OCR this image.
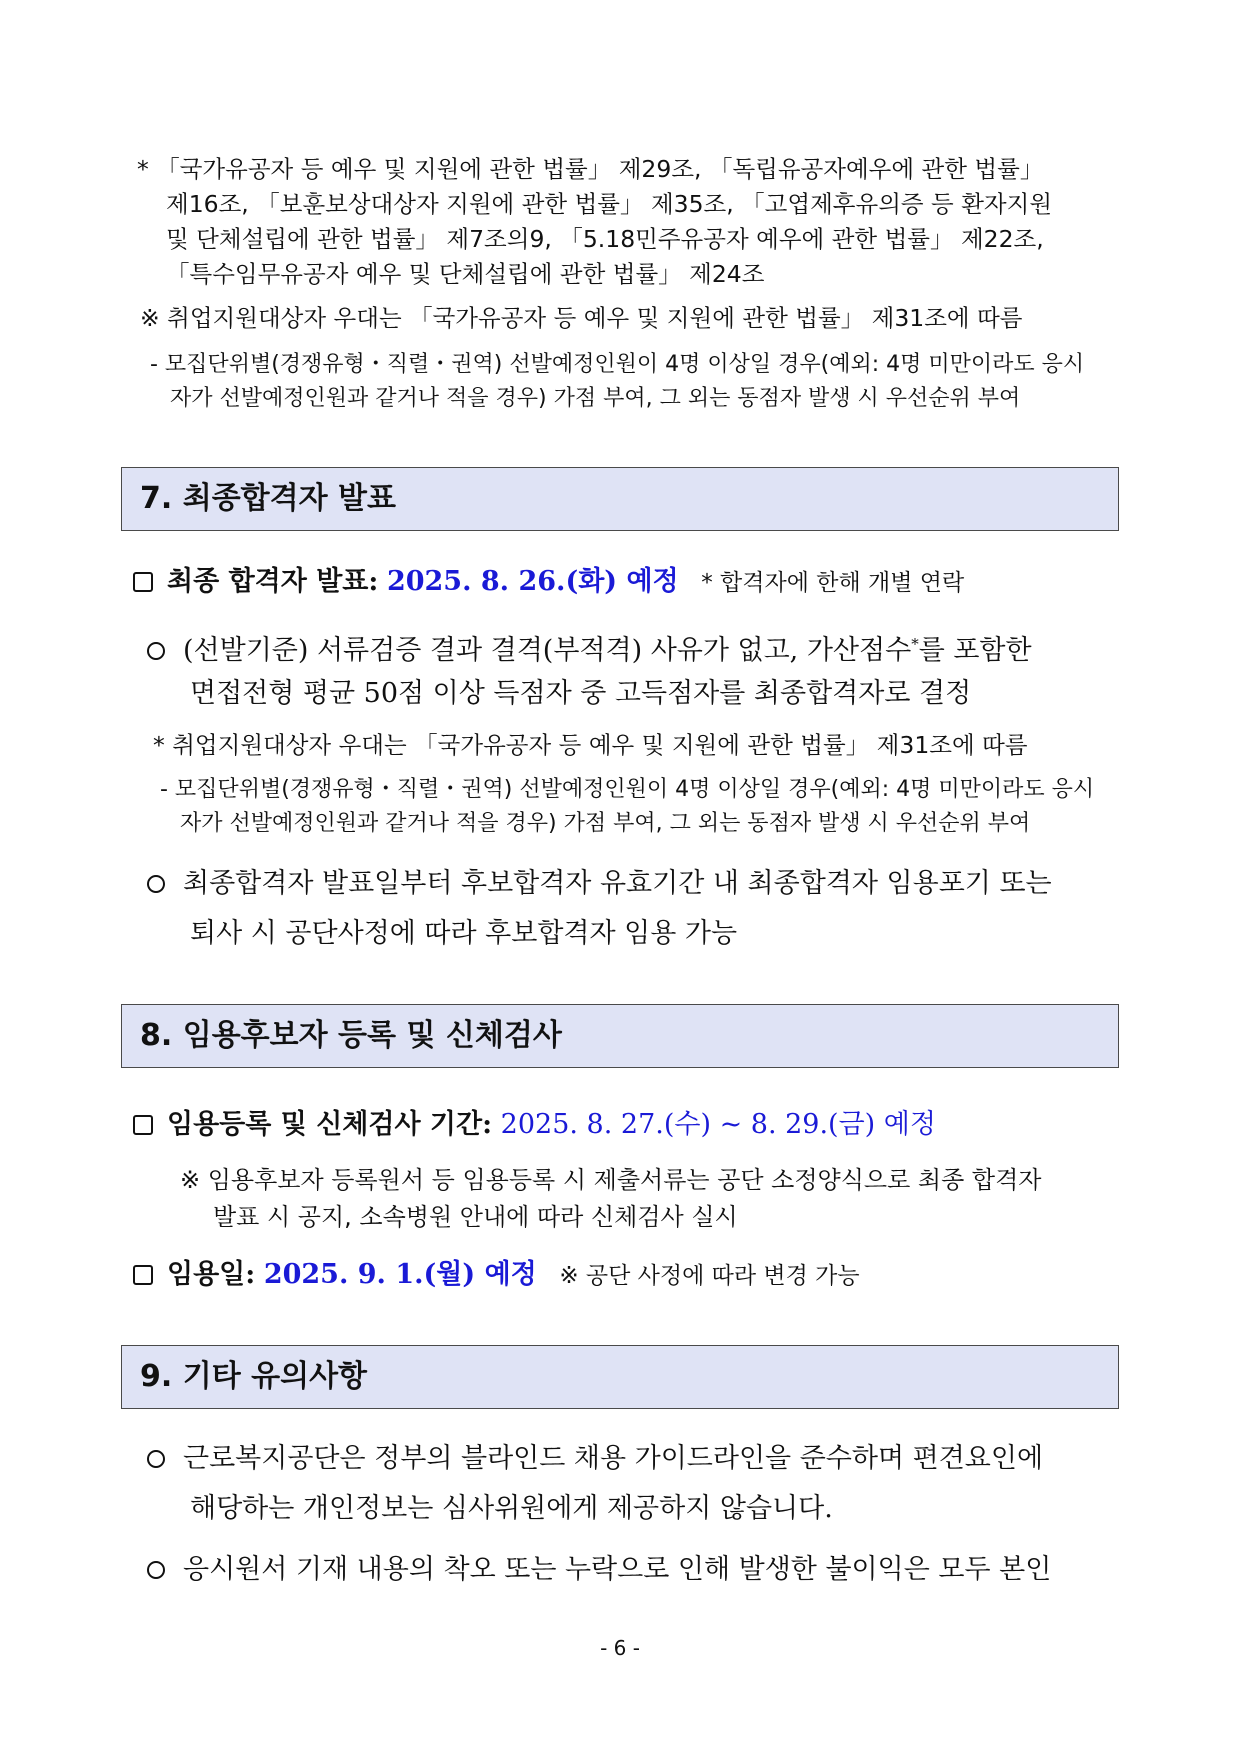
* 「국가유공자 등 예우 및 지원에 관한 법률」 제29조, 「독립유공자예우에 관한 법률」
제16조, 「보훈보상대상자 지원에 관한 법률」 제35조, 「고엽제후유의증 등 환자지원
및 단체설립에 관한 법률」 제7조의9, 「5.18민주유공자 예우에 관한 법률」 제22조,
「특수임무유공자 예우 및 단체설립에 관한 법률」 제24조
※ 취업지원대상자 우대는 「국가유공자 등 예우 및 지원에 관한 법률」 제31조에 따름
- 모집단위별(경쟁유형・직렬・권역) 선발예정인원이 4명 이상일 경우(예외: 4명 미만이라도 응시
자가 선발예정인원과 같거나 적을 경우) 가점 부여, 그 외는 동점자 발생 시 우선순위 부여
7. 최종합격자 발표
최종 합격자 발표: 2025. 8. 26.(화) 예정 * 합격자에 한해 개별 연락
(선발기준) 서류검증 결과 결격(부적격) 사유가 없고, 가산점수*를 포함한
면접전형 평균 50점 이상 득점자 중 고득점자를 최종합격자로 결정
* 취업지원대상자 우대는 「국가유공자 등 예우 및 지원에 관한 법률」 제31조에 따름
- 모집단위별(경쟁유형・직렬・권역) 선발예정인원이 4명 이상일 경우(예외: 4명 미만이라도 응시
자가 선발예정인원과 같거나 적을 경우) 가점 부여, 그 외는 동점자 발생 시 우선순위 부여
최종합격자 발표일부터 후보합격자 유효기간 내 최종합격자 임용포기 또는
퇴사 시 공단사정에 따라 후보합격자 임용 가능
8. 임용후보자 등록 및 신체검사
임용등록 및 신체검사 기간: 2025. 8. 27.(수) ~ 8. 29.(금) 예정
※ 임용후보자 등록원서 등 임용등록 시 제출서류는 공단 소정양식으로 최종 합격자
발표 시 공지, 소속병원 안내에 따라 신체검사 실시
임용일: 2025. 9. 1.(월) 예정 ※ 공단 사정에 따라 변경 가능
9. 기타 유의사항
근로복지공단은 정부의 블라인드 채용 가이드라인을 준수하며 편견요인에
해당하는 개인정보는 심사위원에게 제공하지 않습니다.
응시원서 기재 내용의 착오 또는 누락으로 인해 발생한 불이익은 모두 본인
- 6 -
